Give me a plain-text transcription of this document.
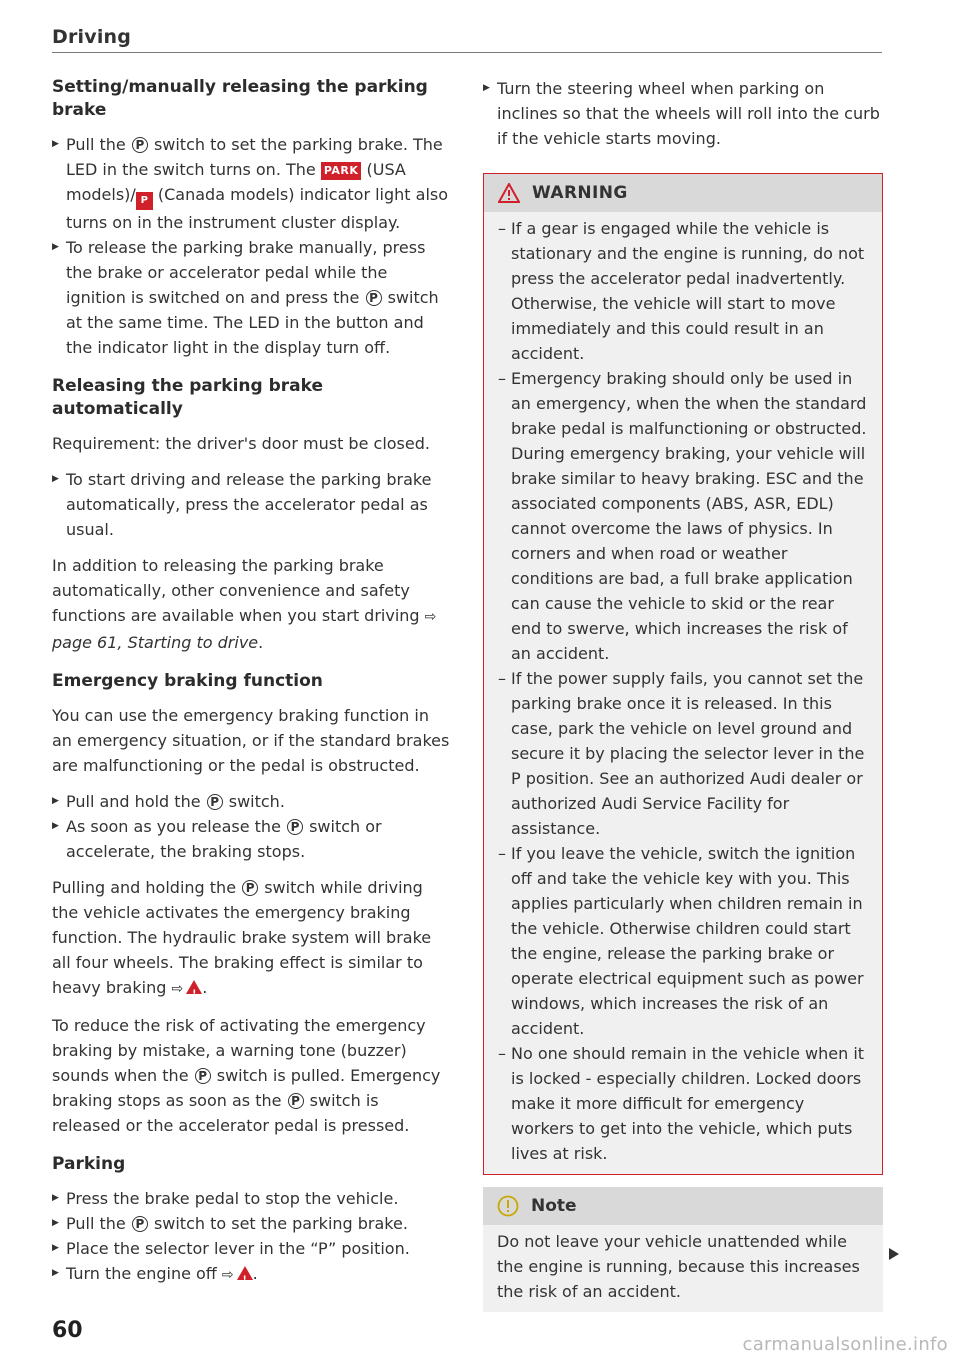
Driving
Setting/manually releasing the parking brake
▶ Pull the P switch to set the parking brake. The LED in the switch turns on. The PARK (USA models)/ P (Canada models) indicator light also turns on in the instrument cluster display.
▶ To release the parking brake manually, press the brake or accelerator pedal while the ignition is switched on and press the P switch at the same time. The LED in the button and the indicator light in the display turn off.
Releasing the parking brake automatically

Requirement: the driver's door must be closed.

▶ To start driving and release the parking brake automatically, press the accelerator pedal as usual.

In addition to releasing the parking brake automatically, other convenience and safety functions are available when you start driving ⇨ page 61, Starting to drive.

Emergency braking function

You can use the emergency braking function in an emergency situation, or if the standard brakes are malfunctioning or the pedal is obstructed.

▶ Pull and hold the P switch.
▶ As soon as you release the P switch or accelerate, the braking stops.

Pulling and holding the P switch while driving the vehicle activates the emergency braking function. The hydraulic brake system will brake all four wheels. The braking effect is similar to heavy braking ⇨ ! .

To reduce the risk of activating the emergency braking by mistake, a warning tone (buzzer) sounds when the P switch is pulled. Emergency braking stops as soon as the P switch is released or the accelerator pedal is pressed.

Parking
▶ Press the brake pedal to stop the vehicle.
▶ Pull the P switch to set the parking brake.
▶ Place the selector lever in the “P” position.
▶ Turn the engine off ⇨ ! .
▶ Turn the steering wheel when parking on inclines so that the wheels will roll into the curb if the vehicle starts moving.
WARNING
– If a gear is engaged while the vehicle is stationary and the engine is running, do not press the accelerator pedal inadvertently. Otherwise, the vehicle will start to move immediately and this could result in an accident.
– Emergency braking should only be used in an emergency, when the when the standard brake pedal is malfunctioning or obstructed. During emergency braking, your vehicle will brake similar to heavy braking. ESC and the associated components (ABS, ASR, EDL) cannot overcome the laws of physics. In corners and when road or weather conditions are bad, a full brake application can cause the vehicle to skid or the rear end to swerve, which increases the risk of an accident.
– If the power supply fails, you cannot set the parking brake once it is released. In this case, park the vehicle on level ground and secure it by placing the selector lever in the P position. See an authorized Audi dealer or authorized Audi Service Facility for assistance.
– If you leave the vehicle, switch the ignition off and take the vehicle key with you. This applies particularly when children remain in the vehicle. Otherwise children could start the engine, release the parking brake or operate electrical equipment such as power windows, which increases the risk of an accident.
– No one should remain in the vehicle when it is locked - especially children. Locked doors make it more difficult for emergency workers to get into the vehicle, which puts lives at risk.
Note
Do not leave your vehicle unattended while the engine is running, because this increases the risk of an accident.
60
carmanualsonline.info
